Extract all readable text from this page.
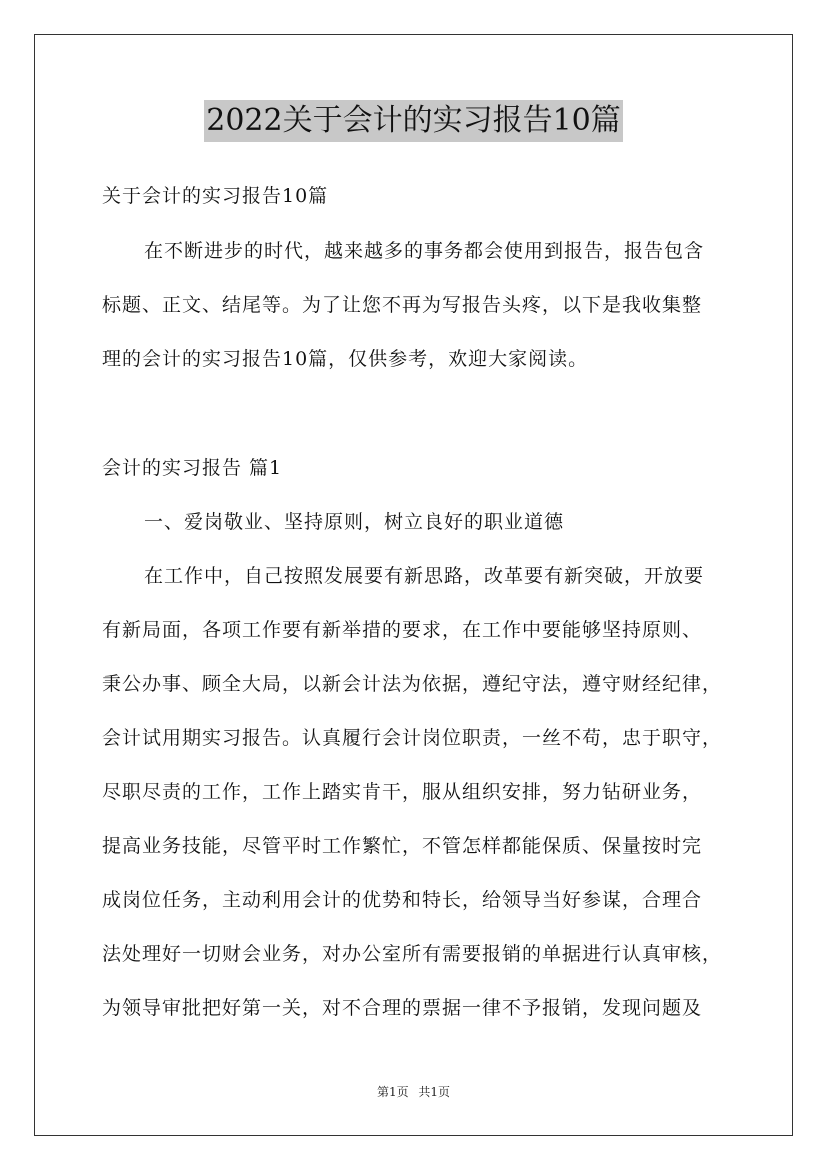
2022关于会计的实习报告10篇
关于会计的实习报告10篇
在不断进步的时代，越来越多的事务都会使用到报告，报告包含
标题、正文、结尾等。为了让您不再为写报告头疼，以下是我收集整
理的会计的实习报告10篇，仅供参考，欢迎大家阅读。
会计的实习报告 篇1
一、爱岗敬业、坚持原则，树立良好的职业道德
在工作中，自己按照发展要有新思路，改革要有新突破，开放要
有新局面，各项工作要有新举措的要求，在工作中要能够坚持原则、
秉公办事、顾全大局，以新会计法为依据，遵纪守法，遵守财经纪律，
会计试用期实习报告。认真履行会计岗位职责，一丝不苟，忠于职守，
尽职尽责的工作，工作上踏实肯干，服从组织安排，努力钻研业务，
提高业务技能，尽管平时工作繁忙，不管怎样都能保质、保量按时完
成岗位任务，主动利用会计的优势和特长，给领导当好参谋，合理合
法处理好一切财会业务，对办公室所有需要报销的单据进行认真审核，
为领导审批把好第一关，对不合理的票据一律不予报销，发现问题及
第1页 共1页
